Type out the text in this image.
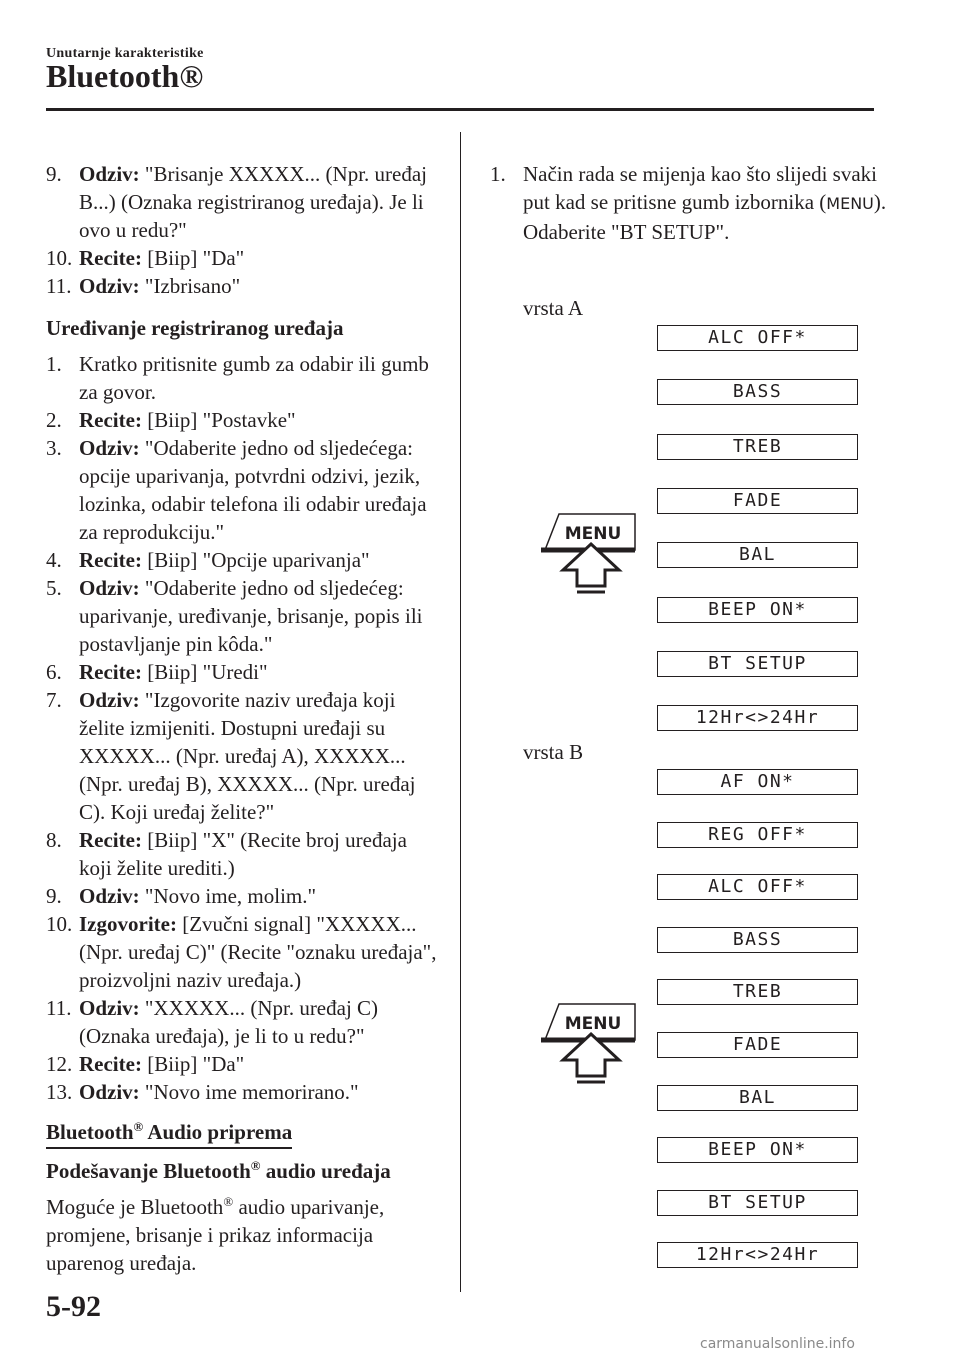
Unutarnje karakteristike
Bluetooth®
9. Odziv: "Brisanje XXXXX... (Npr. uređaj B...) (Oznaka registriranog uređaja). Je li ovo u redu?"
10. Recite: [Biip] "Da"
11. Odziv: "Izbrisano"
Uređivanje registriranog uređaja
1. Kratko pritisnite gumb za odabir ili gumb za govor.
2. Recite: [Biip] "Postavke"
3. Odziv: "Odaberite jedno od sljedećega: opcije uparivanja, potvrdni odzivi, jezik, lozinka, odabir telefona ili odabir uređaja za reprodukciju."
4. Recite: [Biip] "Opcije uparivanja"
5. Odziv: "Odaberite jedno od sljedećeg: uparivanje, uređivanje, brisanje, popis ili postavljanje pin kôda."
6. Recite: [Biip] "Uredi"
7. Odziv: "Izgovorite naziv uređaja koji želite izmijeniti. Dostupni uređaji su XXXXX... (Npr. uređaj A), XXXXX... (Npr. uređaj B), XXXXX... (Npr. uređaj C). Koji uređaj želite?"
8. Recite: [Biip] "X" (Recite broj uređaja koji želite urediti.)
9. Odziv: "Novo ime, molim."
10. Izgovorite: [Zvučni signal] "XXXXX... (Npr. uređaj C)" (Recite "oznaku uređaja", proizvoljni naziv uređaja.)
11. Odziv: "XXXXX... (Npr. uređaj C) (Oznaka uređaja), je li to u redu?"
12. Recite: [Biip] "Da"
13. Odziv: "Novo ime memorirano."
Bluetooth® Audio priprema
Podešavanje Bluetooth® audio uređaja
Moguće je Bluetooth® audio uparivanje, promjene, brisanje i prikaz informacija uparenog uređaja.
1. Način rada se mijenja kao što slijedi svaki put kad se pritisne gumb izbornika (MENU). Odaberite "BT SETUP".
vrsta A
vrsta B
ALC OFF*
BASS
TREB
FADE
BAL
BEEP ON*
BT SETUP
12Hr<>24Hr
AF ON*
REG OFF*
ALC OFF*
BASS
TREB
FADE
BAL
BEEP ON*
BT SETUP
12Hr<>24Hr
MENU
MENU
5-92
carmanualsonline.info
